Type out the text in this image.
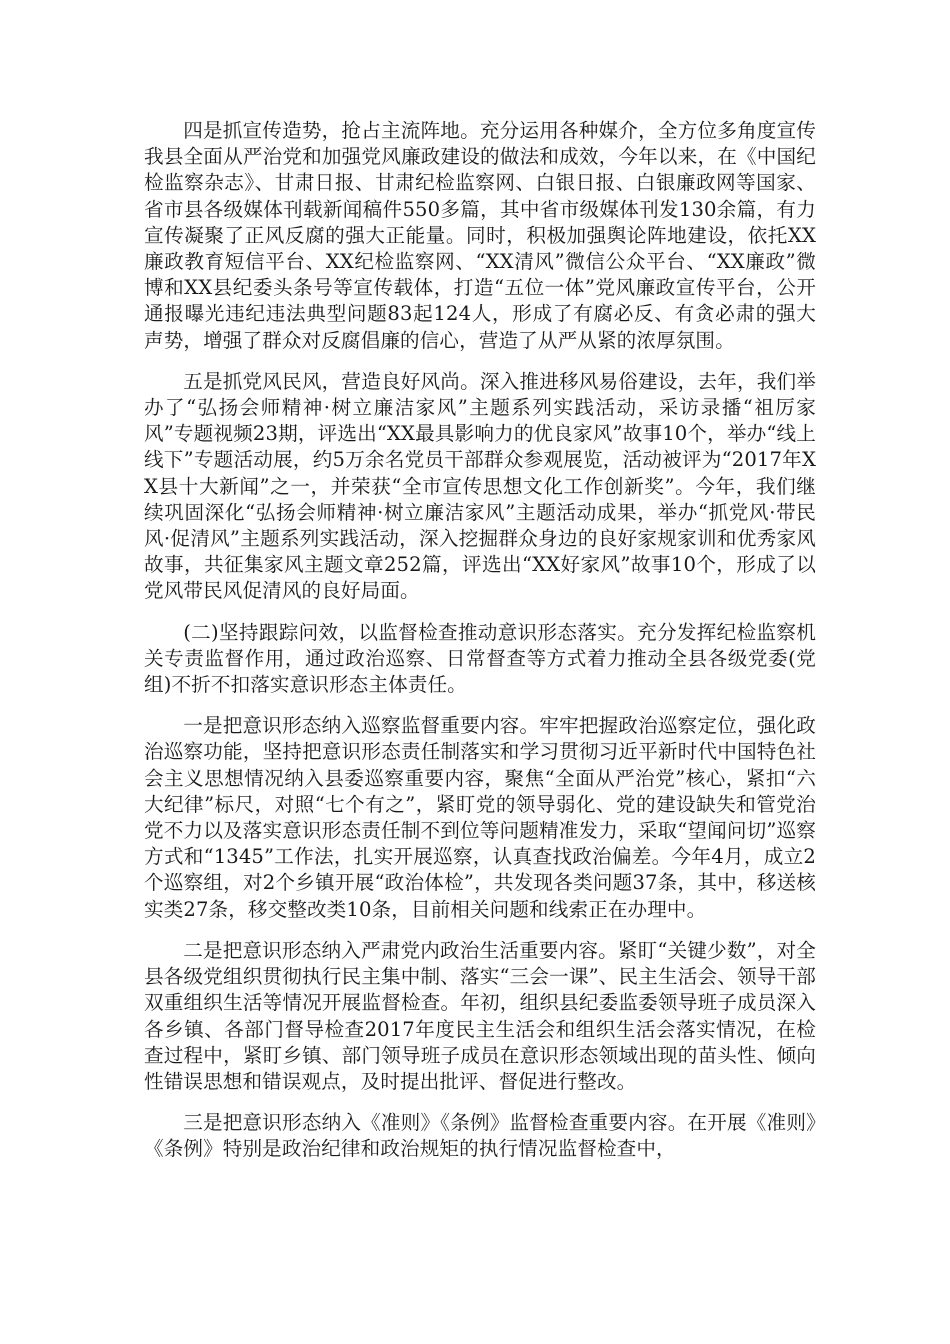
四是抓宣传造势，抢占主流阵地。充分运用各种媒介，全方位多角度宣传我县全面从严治党和加强党风廉政建设的做法和成效，今年以来，在《中国纪检监察杂志》、甘肃日报、甘肃纪检监察网、白银日报、白银廉政网等国家、省市县各级媒体刊载新闻稿件550多篇，其中省市级媒体刊发130余篇，有力宣传凝聚了正风反腐的强大正能量。同时，积极加强舆论阵地建设，依托XX廉政教育短信平台、XX纪检监察网、“XX清风”微信公众平台、“XX廉政”微博和XX县纪委头条号等宣传载体，打造“五位一体”党风廉政宣传平台，公开通报曝光违纪违法典型问题83起124人，形成了有腐必反、有贪必肃的强大声势，增强了群众对反腐倡廉的信心，营造了从严从紧的浓厚氛围。

五是抓党风民风，营造良好风尚。深入推进移风易俗建设，去年，我们举办了“弘扬会师精神·树立廉洁家风”主题系列实践活动，采访录播“祖厉家风”专题视频23期，评选出“XX最具影响力的优良家风”故事10个，举办“线上线下”专题活动展，约5万余名党员干部群众参观展览，活动被评为“2017年XX县十大新闻”之一，并荣获“全市宣传思想文化工作创新奖”。今年，我们继续巩固深化“弘扬会师精神·树立廉洁家风”主题活动成果，举办“抓党风·带民风·促清风”主题系列实践活动，深入挖掘群众身边的良好家规家训和优秀家风故事，共征集家风主题文章252篇，评选出“XX好家风”故事10个，形成了以党风带民风促清风的良好局面。

(二)坚持跟踪问效，以监督检查推动意识形态落实。充分发挥纪检监察机关专责监督作用，通过政治巡察、日常督查等方式着力推动全县各级党委(党组)不折不扣落实意识形态主体责任。

一是把意识形态纳入巡察监督重要内容。牢牢把握政治巡察定位，强化政治巡察功能，坚持把意识形态责任制落实和学习贯彻习近平新时代中国特色社会主义思想情况纳入县委巡察重要内容，聚焦“全面从严治党”核心，紧扣“六大纪律”标尺，对照“七个有之”，紧盯党的领导弱化、党的建设缺失和管党治党不力以及落实意识形态责任制不到位等问题精准发力，采取“望闻问切”巡察方式和“1345”工作法，扎实开展巡察，认真查找政治偏差。今年4月，成立2个巡察组，对2个乡镇开展“政治体检”，共发现各类问题37条，其中，移送核实类27条，移交整改类10条，目前相关问题和线索正在办理中。

二是把意识形态纳入严肃党内政治生活重要内容。紧盯“关键少数”，对全县各级党组织贯彻执行民主集中制、落实“三会一课”、民主生活会、领导干部双重组织生活等情况开展监督检查。年初，组织县纪委监委领导班子成员深入各乡镇、各部门督导检查2017年度民主生活会和组织生活会落实情况，在检查过程中，紧盯乡镇、部门领导班子成员在意识形态领域出现的苗头性、倾向性错误思想和错误观点，及时提出批评、督促进行整改。

三是把意识形态纳入《准则》《条例》监督检查重要内容。在开展《准则》《条例》特别是政治纪律和政治规矩的执行情况监督检查中，
